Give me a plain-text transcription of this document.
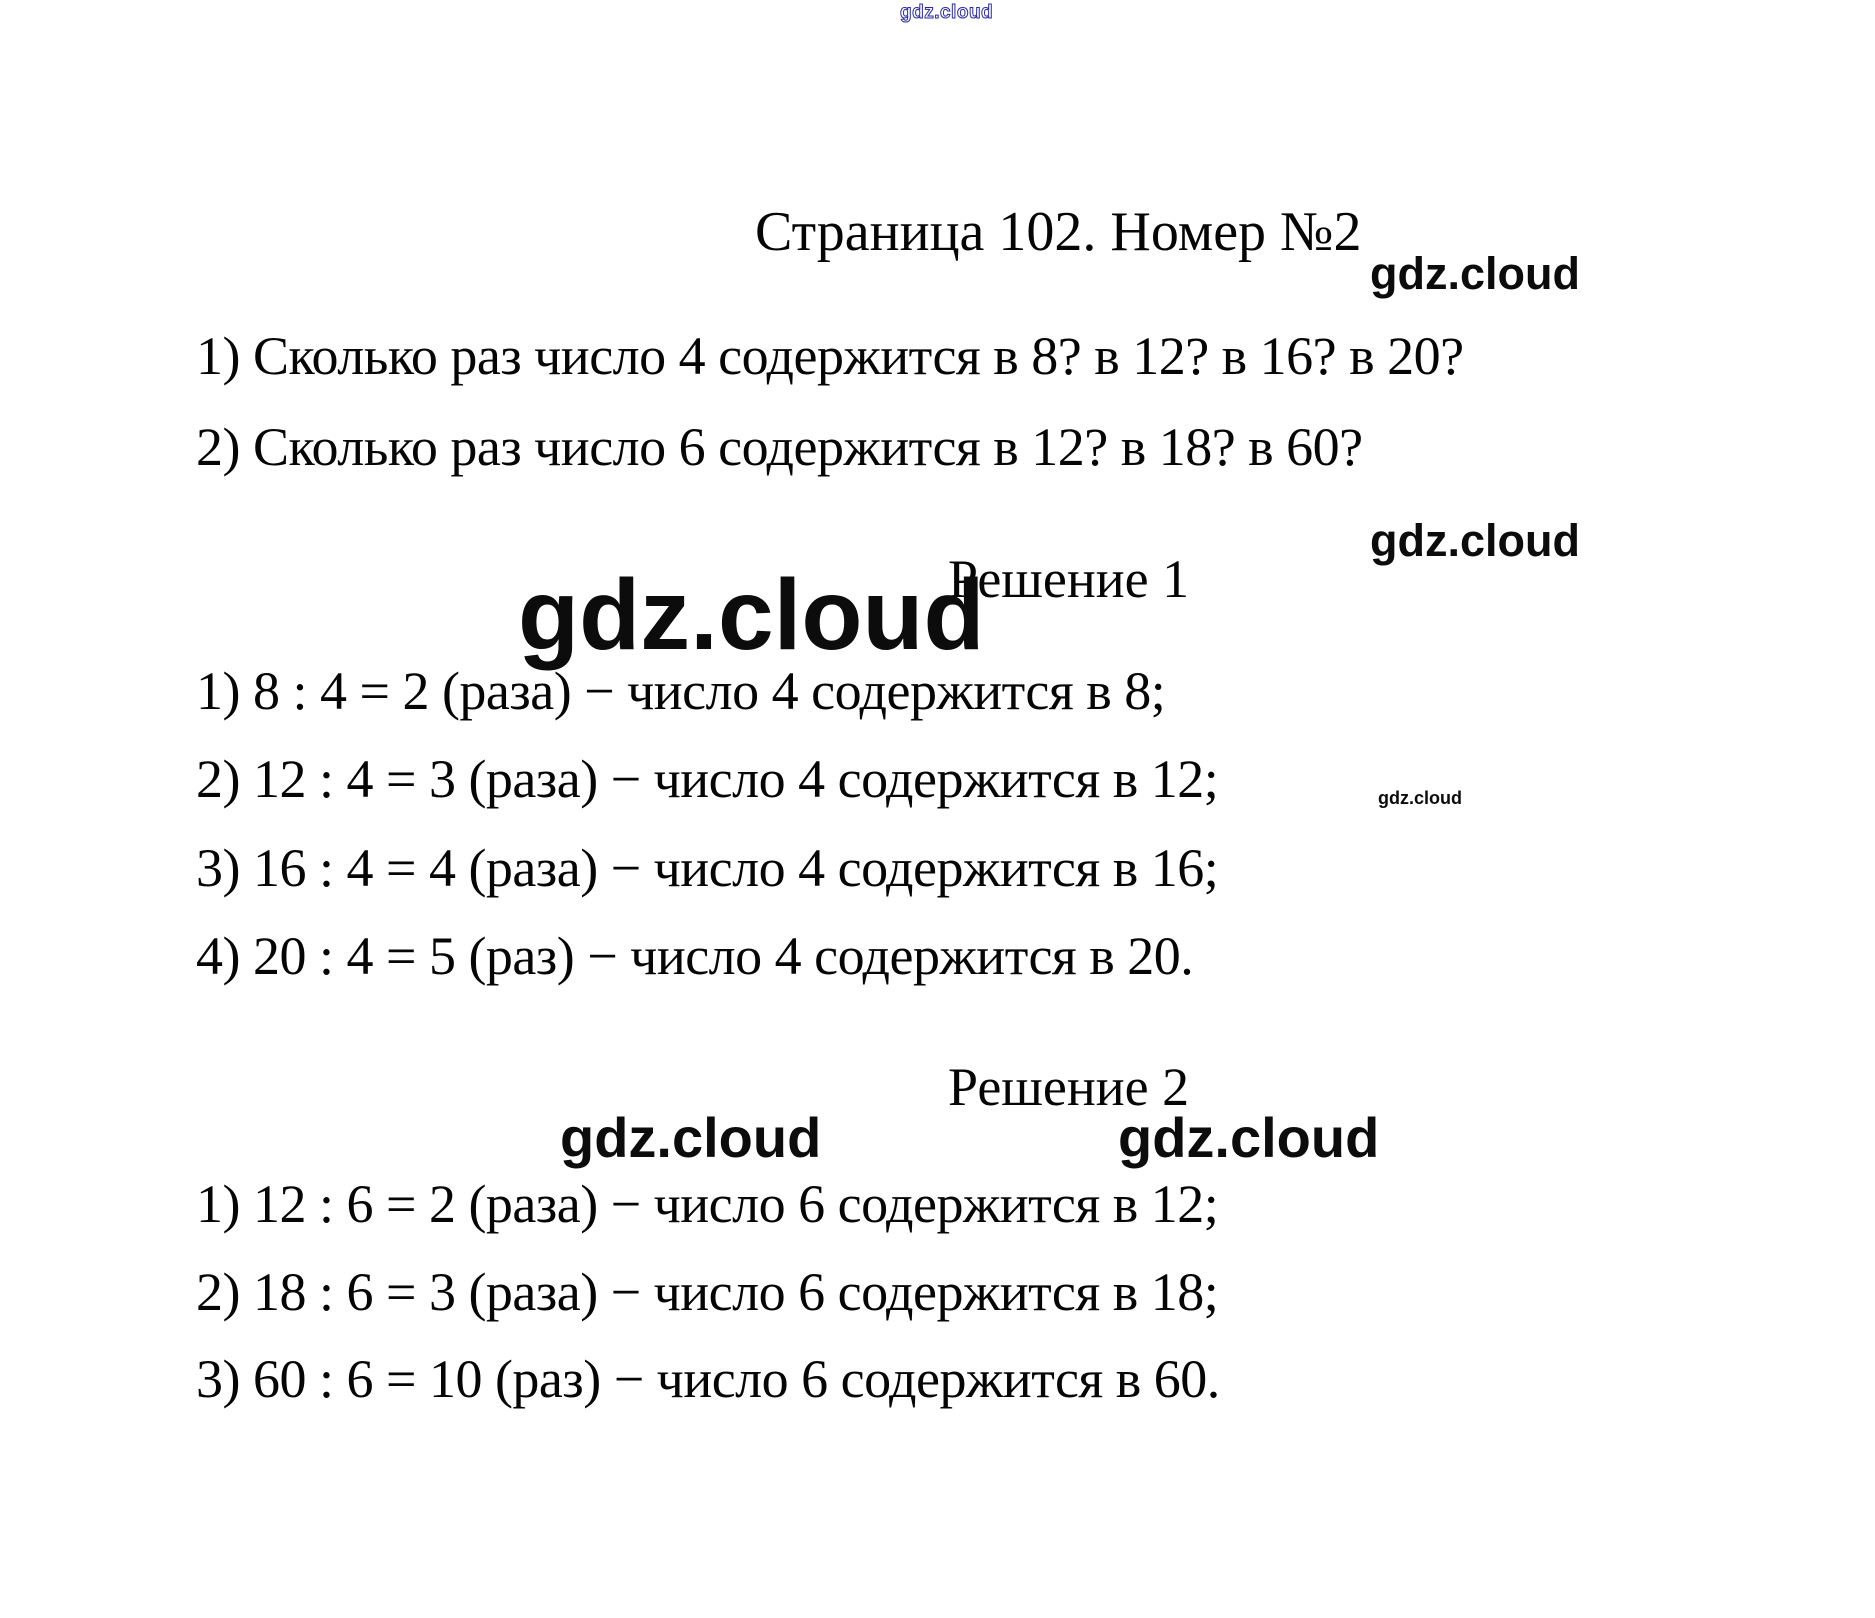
gdz.cloud
Страница 102. Номер №2
gdz.cloud
1) Сколько раз число 4 содержится в 8? в 12? в 16? в 20?
2) Сколько раз число 6 содержится в 12? в 18? в 60?
gdz.cloud
Решение 1
gdz.cloud
1) 8 : 4 = 2 (раза) − число 4 содержится в 8;
2) 12 : 4 = 3 (раза) − число 4 содержится в 12;	gdz.cloud
3) 16 : 4 = 4 (раза) − число 4 содержится в 16;
4) 20 : 4 = 5 (раз) − число 4 содержится в 20.
Решение 2
gdz.cloud	gdz.cloud
1) 12 : 6 = 2 (раза) − число 6 содержится в 12;
2) 18 : 6 = 3 (раза) − число 6 содержится в 18;
3) 60 : 6 = 10 (раз) − число 6 содержится в 60.
